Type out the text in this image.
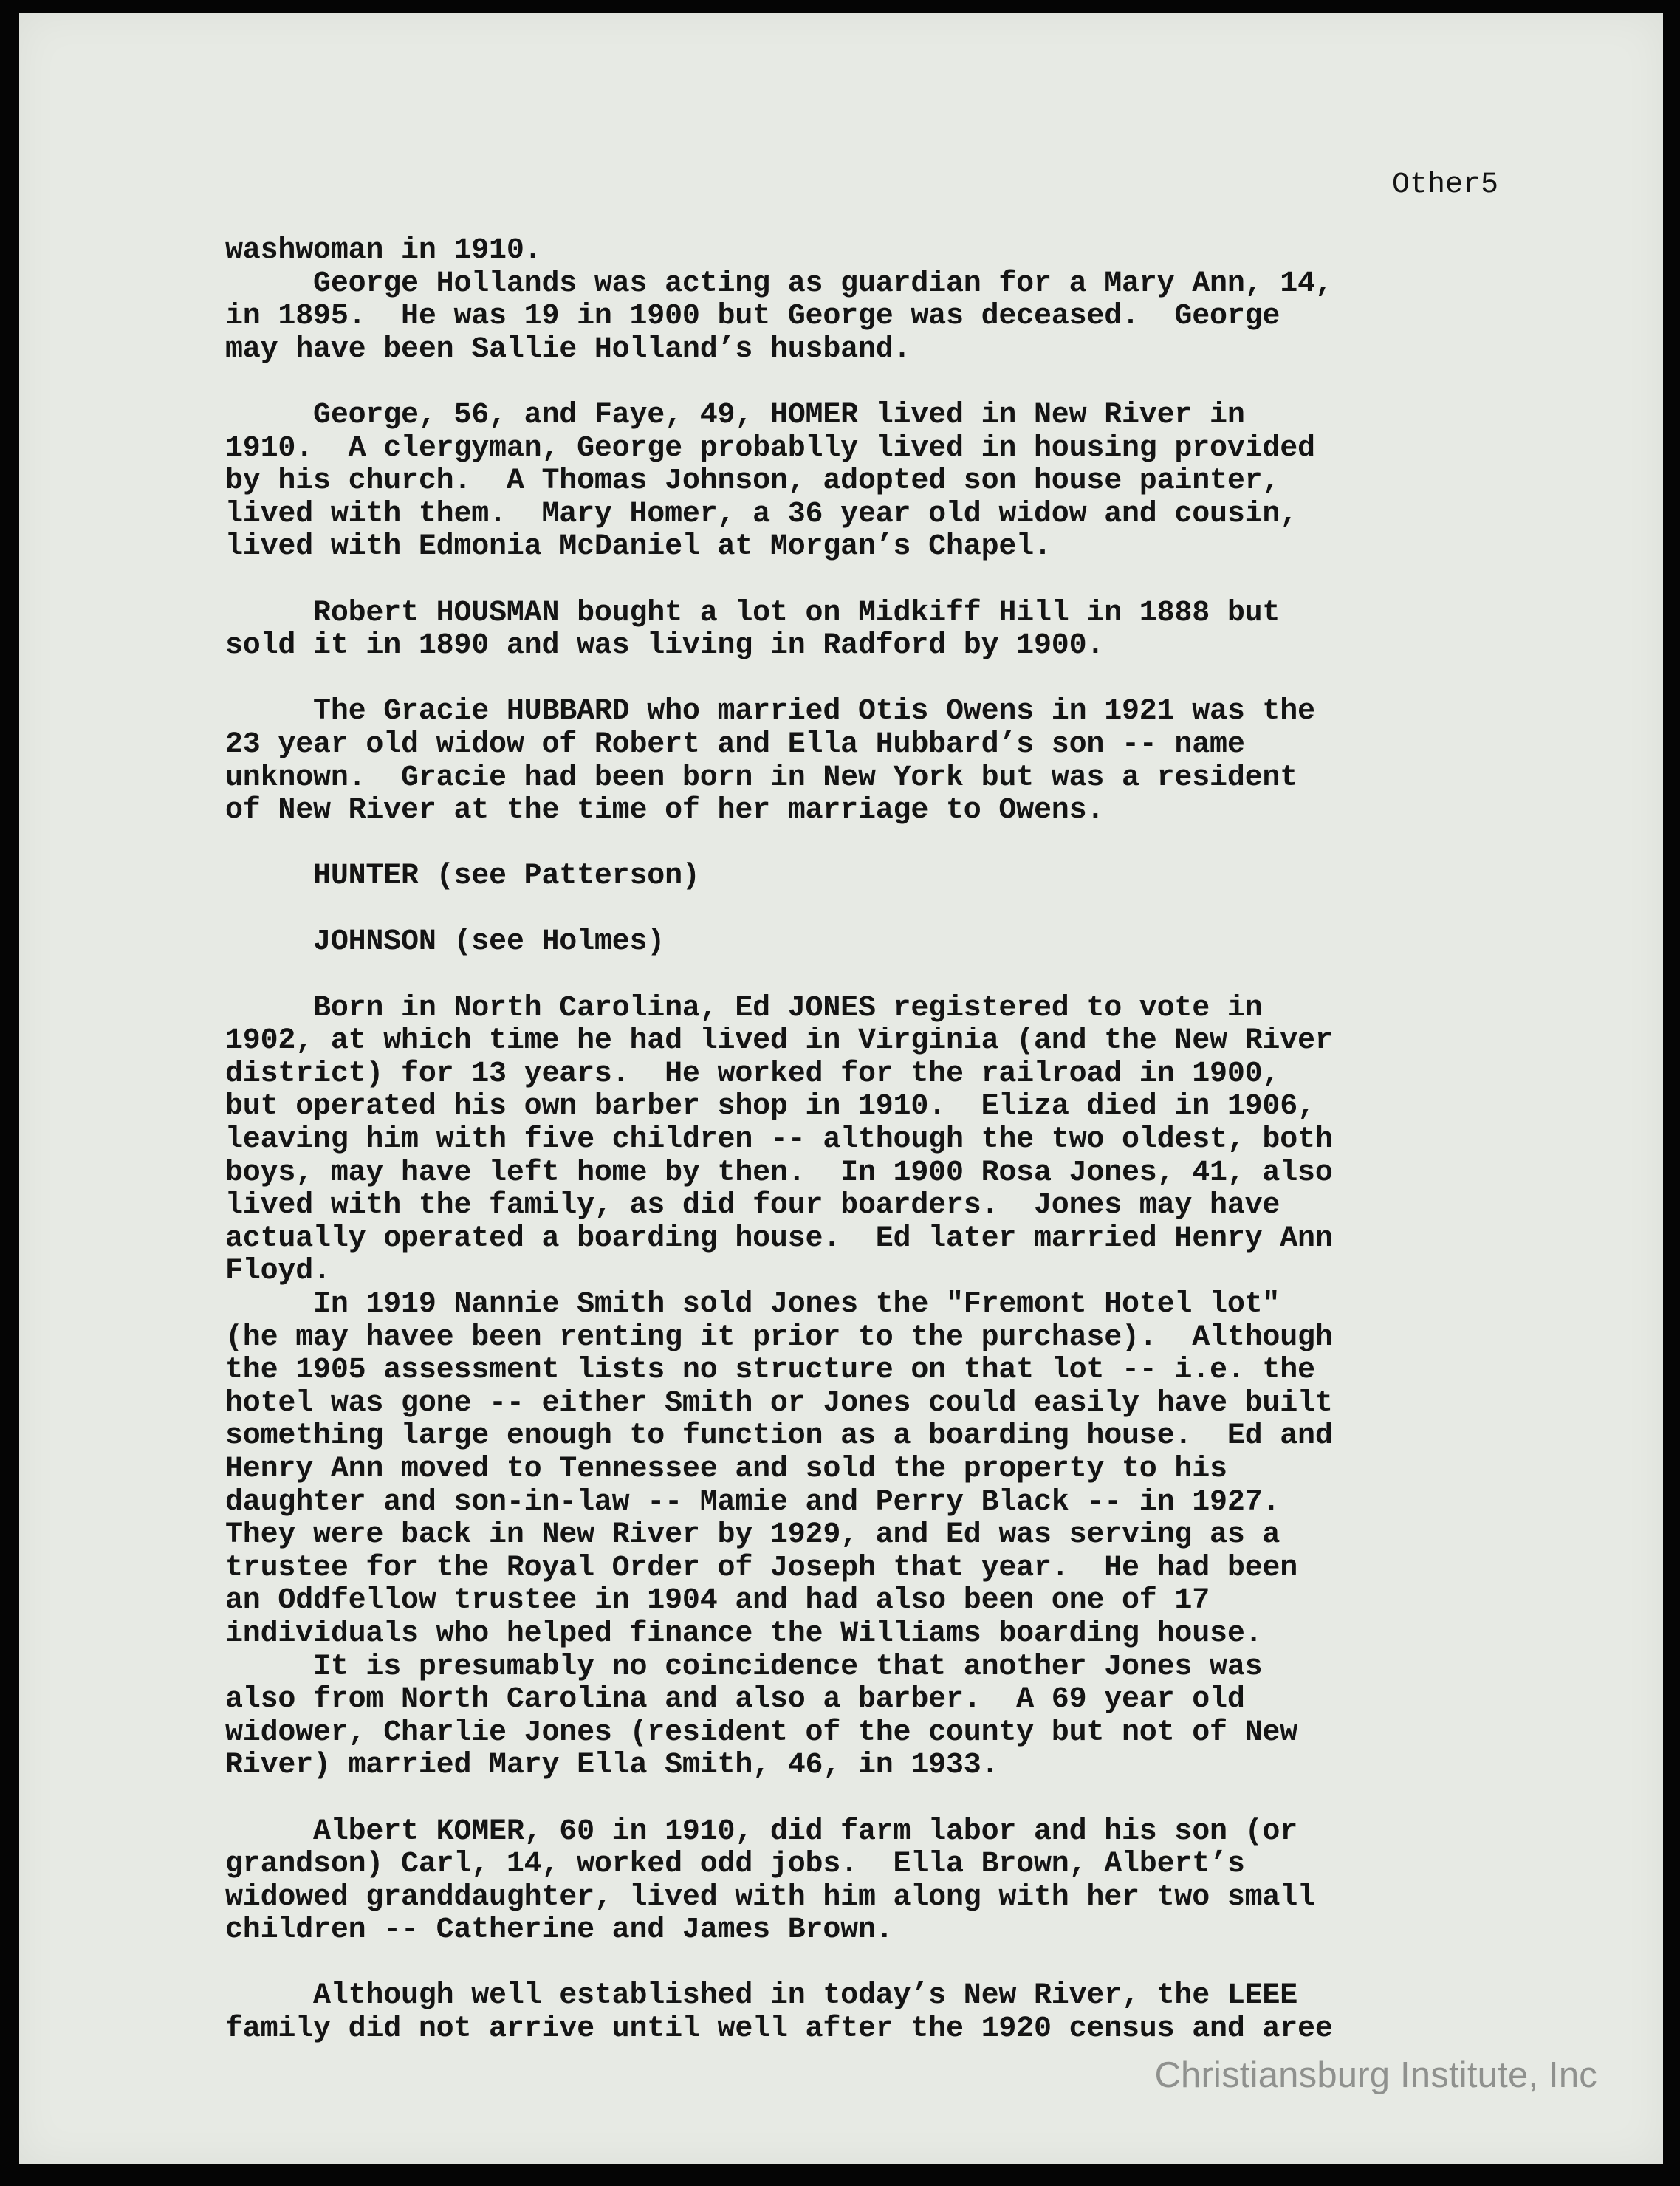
Other5
washwoman in 1910.
George Hollands was acting as guardian for a Mary Ann, 14,
in 1895.  He was 19 in 1900 but George was deceased.  George
may have been Sallie Holland’s husband.
George, 56, and Faye, 49, HOMER lived in New River in
1910.  A clergyman, George probablly lived in housing provided
by his church.  A Thomas Johnson, adopted son house painter,
lived with them.  Mary Homer, a 36 year old widow and cousin,
lived with Edmonia McDaniel at Morgan’s Chapel.
Robert HOUSMAN bought a lot on Midkiff Hill in 1888 but
sold it in 1890 and was living in Radford by 1900.
The Gracie HUBBARD who married Otis Owens in 1921 was the
23 year old widow of Robert and Ella Hubbard’s son -- name
unknown.  Gracie had been born in New York but was a resident
of New River at the time of her marriage to Owens.
HUNTER (see Patterson)
JOHNSON (see Holmes)
Born in North Carolina, Ed JONES registered to vote in
1902, at which time he had lived in Virginia (and the New River
district) for 13 years.  He worked for the railroad in 1900,
but operated his own barber shop in 1910.  Eliza died in 1906,
leaving him with five children -- although the two oldest, both
boys, may have left home by then.  In 1900 Rosa Jones, 41, also
lived with the family, as did four boarders.  Jones may have
actually operated a boarding house.  Ed later married Henry Ann
Floyd.
In 1919 Nannie Smith sold Jones the "Fremont Hotel lot"
(he may havee been renting it prior to the purchase).  Although
the 1905 assessment lists no structure on that lot -- i.e. the
hotel was gone -- either Smith or Jones could easily have built
something large enough to function as a boarding house.  Ed and
Henry Ann moved to Tennessee and sold the property to his
daughter and son-in-law -- Mamie and Perry Black -- in 1927.
They were back in New River by 1929, and Ed was serving as a
trustee for the Royal Order of Joseph that year.  He had been
an Oddfellow trustee in 1904 and had also been one of 17
individuals who helped finance the Williams boarding house.
It is presumably no coincidence that another Jones was
also from North Carolina and also a barber.  A 69 year old
widower, Charlie Jones (resident of the county but not of New
River) married Mary Ella Smith, 46, in 1933.
Albert KOMER, 60 in 1910, did farm labor and his son (or
grandson) Carl, 14, worked odd jobs.  Ella Brown, Albert’s
widowed granddaughter, lived with him along with her two small
children -- Catherine and James Brown.
Although well established in today’s New River, the LEEE
family did not arrive until well after the 1920 census and aree
Christiansburg Institute, Inc
